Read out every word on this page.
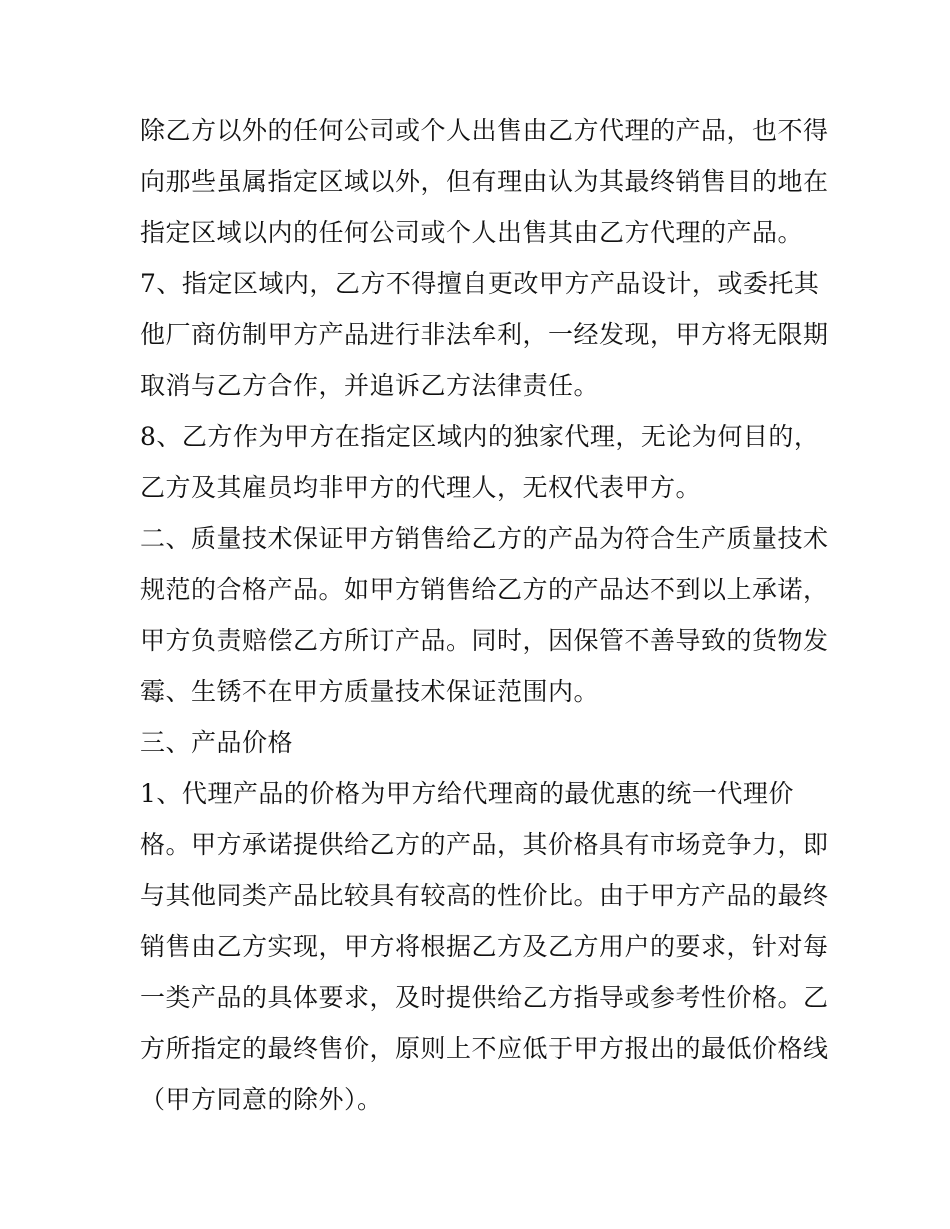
除乙方以外的任何公司或个人出售由乙方代理的产品，也不得
向那些虽属指定区域以外，但有理由认为其最终销售目的地在
指定区域以内的任何公司或个人出售其由乙方代理的产品。
7、指定区域内，乙方不得擅自更改甲方产品设计，或委托其
他厂商仿制甲方产品进行非法牟利，一经发现，甲方将无限期
取消与乙方合作，并追诉乙方法律责任。
8、乙方作为甲方在指定区域内的独家代理，无论为何目的，
乙方及其雇员均非甲方的代理人，无权代表甲方。
二、质量技术保证甲方销售给乙方的产品为符合生产质量技术
规范的合格产品。如甲方销售给乙方的产品达不到以上承诺，
甲方负责赔偿乙方所订产品。同时，因保管不善导致的货物发
霉、生锈不在甲方质量技术保证范围内。
三、产品价格
1、代理产品的价格为甲方给代理商的最优惠的统一代理价
格。甲方承诺提供给乙方的产品，其价格具有市场竞争力，即
与其他同类产品比较具有较高的性价比。由于甲方产品的最终
销售由乙方实现，甲方将根据乙方及乙方用户的要求，针对每
一类产品的具体要求，及时提供给乙方指导或参考性价格。乙
方所指定的最终售价，原则上不应低于甲方报出的最低价格线
（甲方同意的除外）。
